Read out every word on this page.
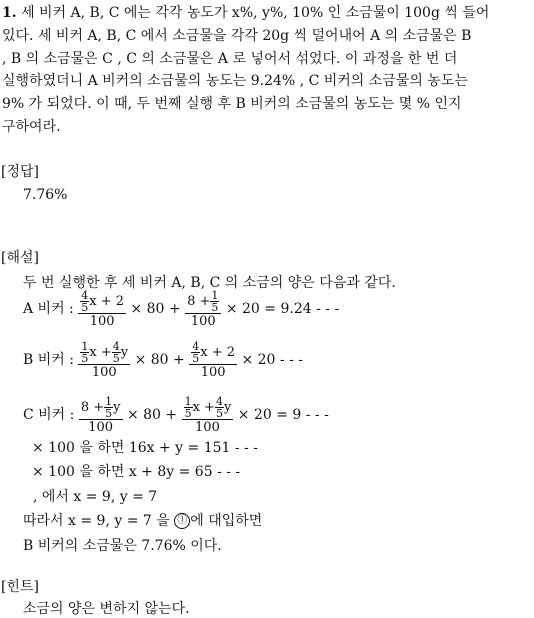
1. 세 비커 A, B, C 에는 각각 농도가 x%, y%, 10% 인 소금물이 100g 씩 들어
있다. 세 비커 A, B, C 에서 소금물을 각각 20g 씩 덜어내어 A 의 소금물은 B
, B 의 소금물은 C , C 의 소금물은 A 로 넣어서 섞었다. 이 과정을 한 번 더
실행하였더니 A 비커의 소금물의 농도는 9.24% , C 비커의 소금물의 농도는
9% 가 되었다. 이 때, 두 번째 실행 후 B 비커의 소금물의 농도는 몇 % 인지
구하여라.
[정답]
7.76%
[해설]
두 번 실행한 후 세 비커 A, B, C 의 소금의 양은 다음과 같다.
A 비커 : $\frac{\frac{4}{5} x + 2}{100} \times 80 + \frac{8 + \frac{1}{5}}{100} \times 20 = 9.24$ - - -
B 비커 : $\frac{\frac{1}{5} x + \frac{4}{5} y}{100} \times 80 + \frac{\frac{4}{5} x + 2}{100} \times 20$ - - -
C 비커 : $\frac{8 + \frac{1}{5} y}{100} \times 80 + \frac{\frac{1}{5} x + \frac{4}{5} y}{100} \times 20 = 9$ - - -
× 100 을 하면 16x + y = 151 - - -
× 100 을 하면 x + 8y = 65 - - -
, 에서 x = 9, y = 7
따라서 x = 9, y = 7 을 ⓛ 에 대입하면
B 비커의 소금물은 7.76% 이다.
[힌트]
소금의 양은 변하지 않는다.
